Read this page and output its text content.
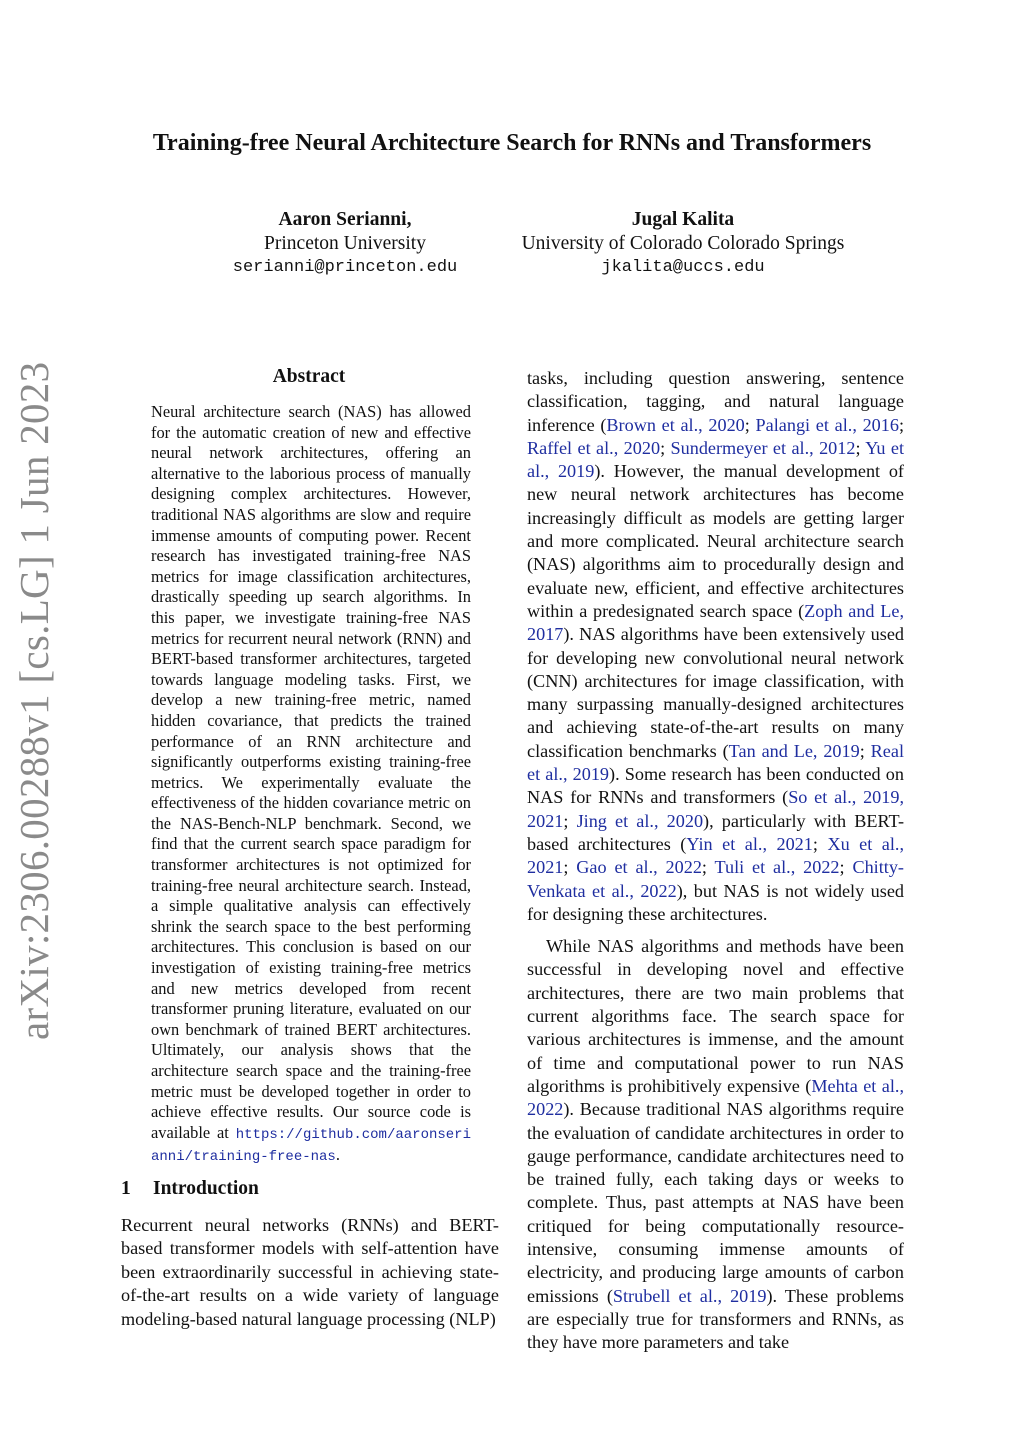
arXiv:2306.00288v1 [cs.LG] 1 Jun 2023
Training-free Neural Architecture Search for RNNs and Transformers
Aaron Serianni,
Princeton University
serianni@princeton.edu
Jugal Kalita
University of Colorado Colorado Springs
jkalita@uccs.edu
Abstract
Neural architecture search (NAS) has allowed for the automatic creation of new and effective neural network architectures, offering an alternative to the laborious process of manually designing complex architectures. However, traditional NAS algorithms are slow and require immense amounts of computing power. Recent research has investigated training-free NAS metrics for image classification architectures, drastically speeding up search algorithms. In this paper, we investigate training-free NAS metrics for recurrent neural network (RNN) and BERT-based transformer architectures, targeted towards language modeling tasks. First, we develop a new training-free metric, named hidden covariance, that predicts the trained performance of an RNN architecture and significantly outperforms existing training-free metrics. We experimentally evaluate the effectiveness of the hidden covariance metric on the NAS-Bench-NLP benchmark. Second, we find that the current search space paradigm for transformer architectures is not optimized for training-free neural architecture search. Instead, a simple qualitative analysis can effectively shrink the search space to the best performing architectures. This conclusion is based on our investigation of existing training-free metrics and new metrics developed from recent transformer pruning literature, evaluated on our own benchmark of trained BERT architectures. Ultimately, our analysis shows that the architecture search space and the training-free metric must be developed together in order to achieve effective results. Our source code is available at https://github.com/aaronserianni/training-free-nas.
1 Introduction
Recurrent neural networks (RNNs) and BERT-based transformer models with self-attention have been extraordinarily successful in achieving state-of-the-art results on a wide variety of language modeling-based natural language processing (NLP)

tasks, including question answering, sentence classification, tagging, and natural language inference (Brown et al., 2020; Palangi et al., 2016; Raffel et al., 2020; Sundermeyer et al., 2012; Yu et al., 2019). However, the manual development of new neural network architectures has become increasingly difficult as models are getting larger and more complicated. Neural architecture search (NAS) algorithms aim to procedurally design and evaluate new, efficient, and effective architectures within a predesignated search space (Zoph and Le, 2017). NAS algorithms have been extensively used for developing new convolutional neural network (CNN) architectures for image classification, with many surpassing manually-designed architectures and achieving state-of-the-art results on many classification benchmarks (Tan and Le, 2019; Real et al., 2019). Some research has been conducted on NAS for RNNs and transformers (So et al., 2019, 2021; Jing et al., 2020), particularly with BERT-based architectures (Yin et al., 2021; Xu et al., 2021; Gao et al., 2022; Tuli et al., 2022; Chitty-Venkata et al., 2022), but NAS is not widely used for designing these architectures.

While NAS algorithms and methods have been successful in developing novel and effective architectures, there are two main problems that current algorithms face. The search space for various architectures is immense, and the amount of time and computational power to run NAS algorithms is prohibitively expensive (Mehta et al., 2022). Because traditional NAS algorithms require the evaluation of candidate architectures in order to gauge performance, candidate architectures need to be trained fully, each taking days or weeks to complete. Thus, past attempts at NAS have been critiqued for being computationally resource-intensive, consuming immense amounts of electricity, and producing large amounts of carbon emissions (Strubell et al., 2019). These problems are especially true for transformers and RNNs, as they have more parameters and take
